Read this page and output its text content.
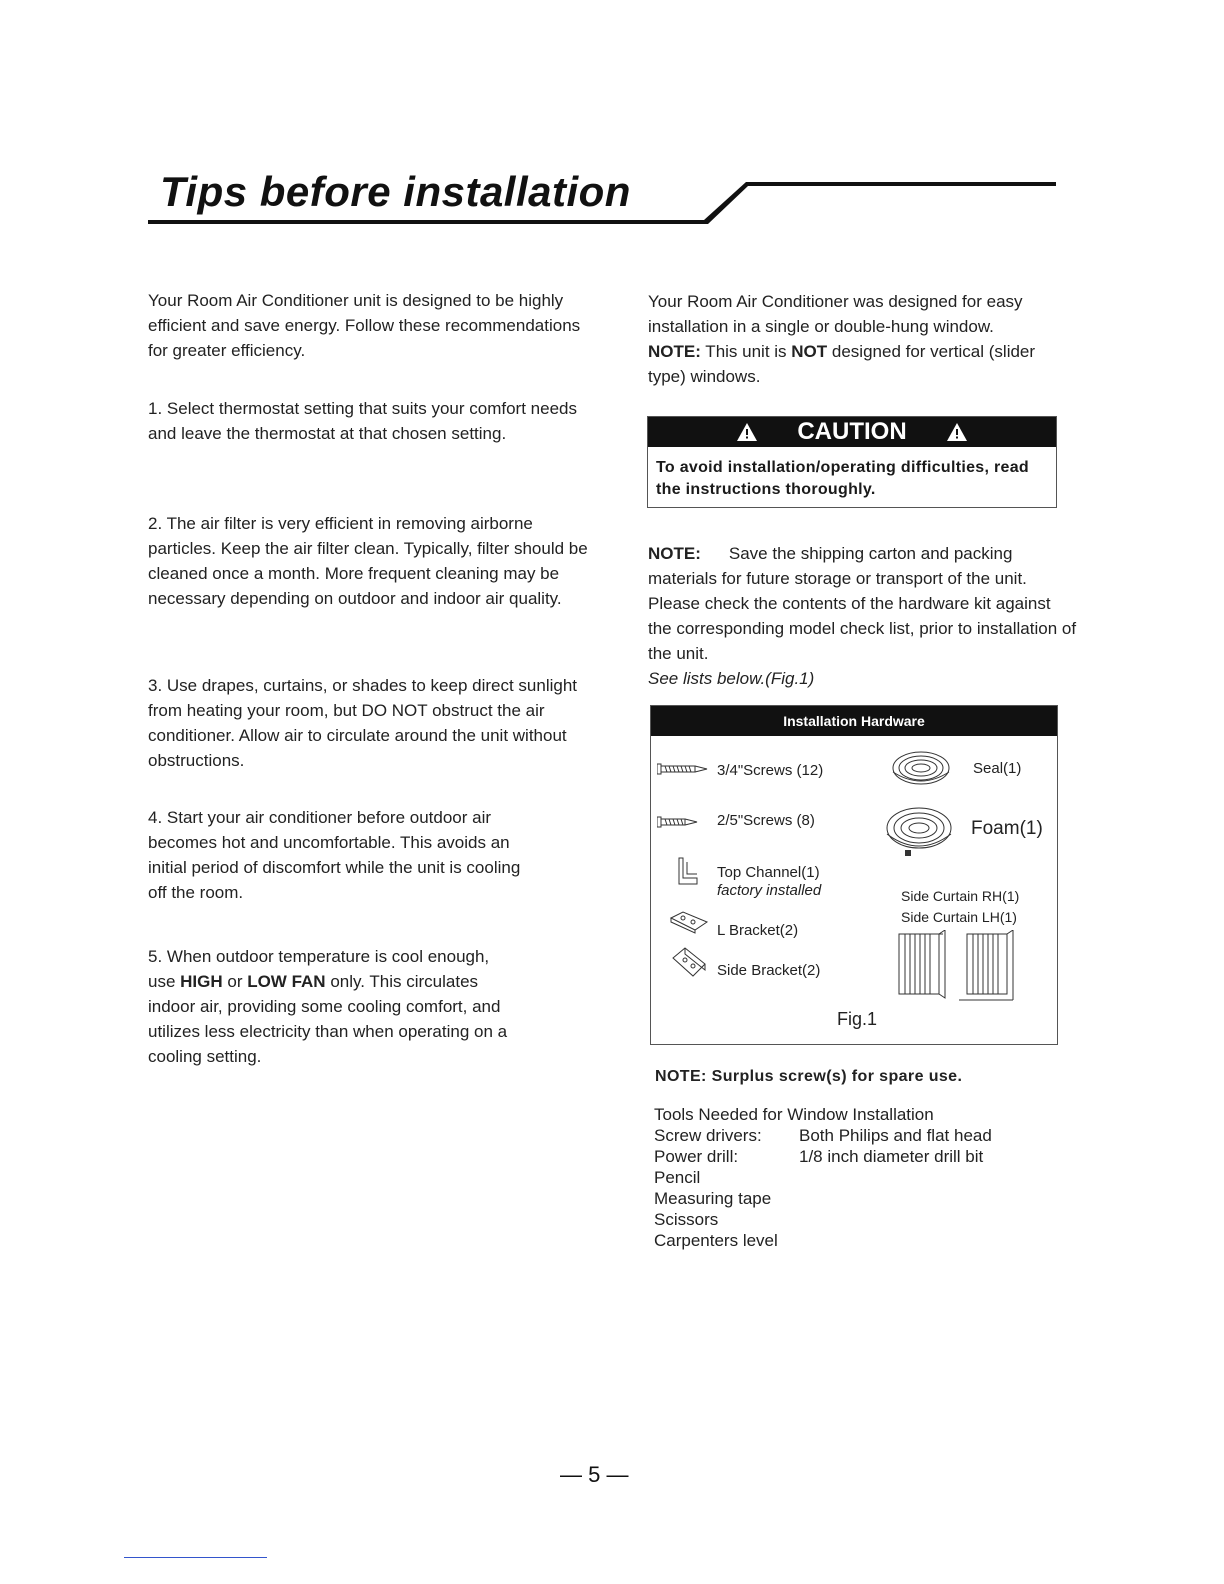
Tips before installation
Your Room Air Conditioner unit is designed to be highly efficient and save energy. Follow these recommendations for greater efficiency.
1. Select thermostat setting that suits your comfort needs and leave the thermostat at that chosen setting.
2. The air filter is very efficient in removing airborne particles. Keep the air filter clean. Typically, filter should be cleaned once a month. More frequent cleaning may be necessary depending on outdoor and indoor air quality.
3. Use drapes, curtains, or shades to keep direct sunlight from heating your room, but DO NOT obstruct the air conditioner. Allow air to circulate around the unit without obstructions.
4. Start your air conditioner before outdoor air becomes hot and uncomfortable. This avoids an initial period of discomfort while the unit is cooling off the room.
5. When outdoor temperature is cool enough, use HIGH or LOW FAN only. This circulates indoor air, providing some cooling comfort, and utilizes less electricity than when operating on a cooling setting.
Your Room Air Conditioner was designed for easy installation in a single or double-hung window. NOTE: This unit is NOT designed for vertical (slider type) windows.
CAUTION
To avoid installation/operating difficulties, read the instructions thoroughly.
NOTE: Save the shipping carton and packing materials for future storage or transport of the unit. Please check the contents of the hardware kit against the corresponding model check list, prior to installation of the unit.
See lists below.(Fig.1)
Installation Hardware
3/4"Screws (12)
2/5"Screws (8)
Top Channel(1)
factory installed
L Bracket(2)
Side Bracket(2)
Seal(1)
Foam(1)
Side Curtain RH(1)
Side Curtain LH(1)
Fig.1
NOTE: Surplus screw(s) for spare use.
Tools Needed for Window Installation
Screw drivers: Both Philips and flat head
Power drill:	1/8 inch diameter drill bit
Pencil
Measuring tape
Scissors
Carpenters level
— 5 —
